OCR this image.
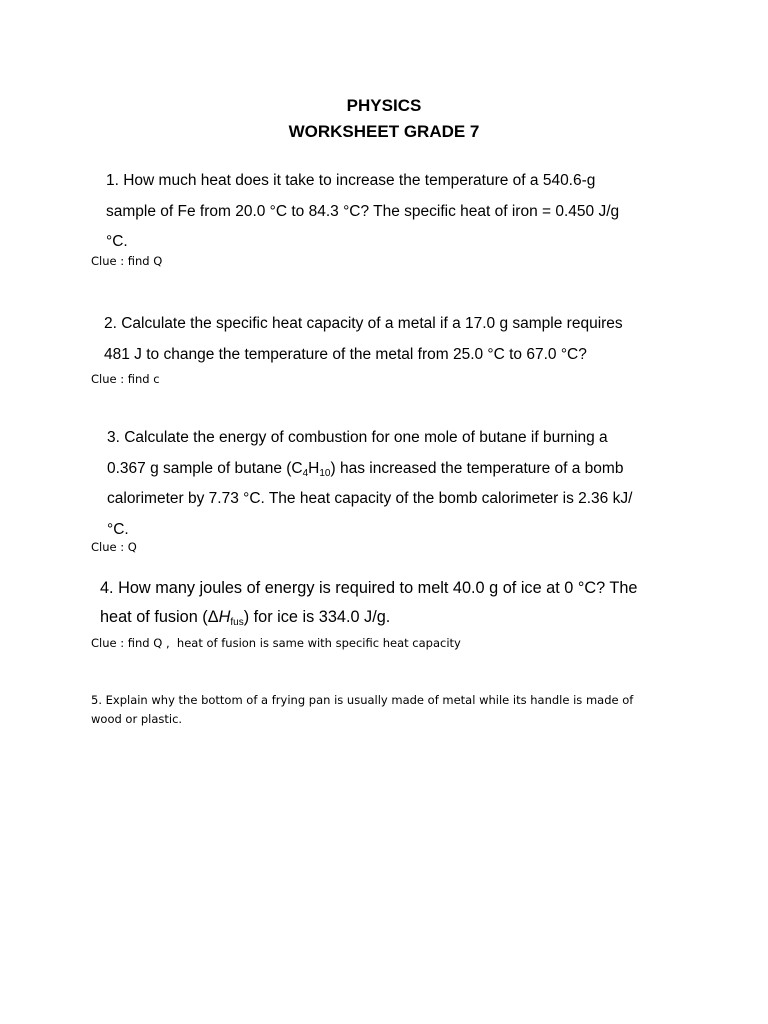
PHYSICS
WORKSHEET GRADE 7
1. How much heat does it take to increase the temperature of a 540.6-g
sample of Fe from 20.0 °C to 84.3 °C? The specific heat of iron = 0.450 J/g
°C.

Clue : find Q

2. Calculate the specific heat capacity of a metal if a 17.0 g sample requires
481 J to change the temperature of the metal from 25.0 °C to 67.0 °C?

Clue : find c

3. Calculate the energy of combustion for one mole of butane if burning a
0.367 g sample of butane $(C_4H_{10})$ has increased the temperature of a bomb
calorimeter by 7.73 °C. The heat capacity of the bomb calorimeter is 2.36 kJ/
°C.

Clue : Q

4. How many joules of energy is required to melt 40.0 g of ice at 0 °C? The
heat of fusion $(\Delta H_{fus})$ for ice is 334.0 J/g.

Clue : find Q ,  heat of fusion is same with specific heat capacity

5. Explain why the bottom of a frying pan is usually made of metal while its handle is made of
wood or plastic.
